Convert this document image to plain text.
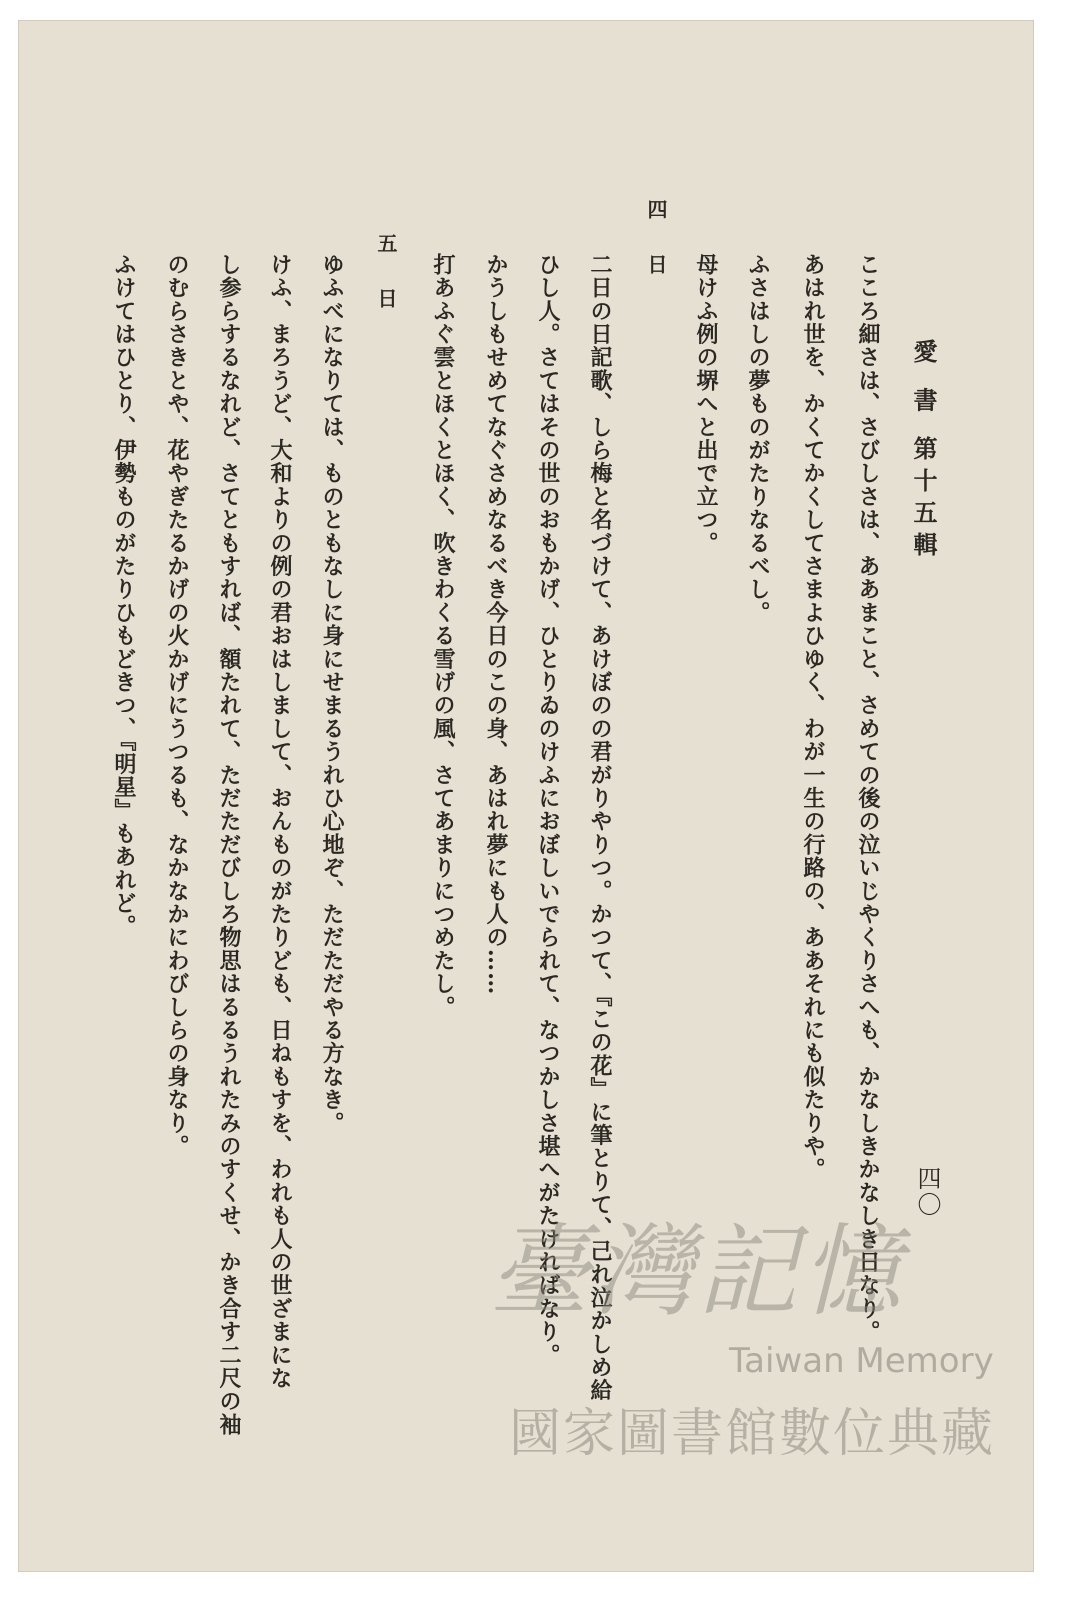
愛 書 第十五輯
四〇
こころ細さは、さびしさは、ああまこと、さめての後の泣いじやくりさへも、かなしきかなしき日なり。
あはれ世を、かくてかくしてさまよひゆく、わが一生の行路の、ああそれにも似たりや。
ふさはしの夢ものがたりなるべし。
母けふ例の堺へと出で立つ。
四 日
二日の日記歌、しら梅と名づけて、あけぼのの君がりやりつ。かつて、『この花』に筆とりて、己れ泣かしめ給
ひし人。さてはその世のおもかげ、ひとりゐのけふにおぼしいでられて、なつかしさ堪へがたければなり。
かうしもせめてなぐさめなるべき今日のこの身、あはれ夢にも人の……
打あふぐ雲とほくとほく、吹きわくる雪げの風、さてあまりにつめたし。
五 日
ゆふべになりては、ものともなしに身にせまるうれひ心地ぞ、ただただやる方なき。
けふ、まろうど、大和よりの例の君おはしまして、おんものがたりども、日ねもすを、われも人の世ざまにな
し参らするなれど、さてともすれば、額たれて、ただただびしろ物思はるるうれたみのすくせ、かき合す二尺の袖
のむらさきとや、花やぎたるかげの火かげにうつるも、なかなかにわびしらの身なり。
ふけてはひとり、伊勢ものがたりひもどきつ、『明星』もあれど。
臺灣記憶
Taiwan Memory
國家圖書館數位典藏
